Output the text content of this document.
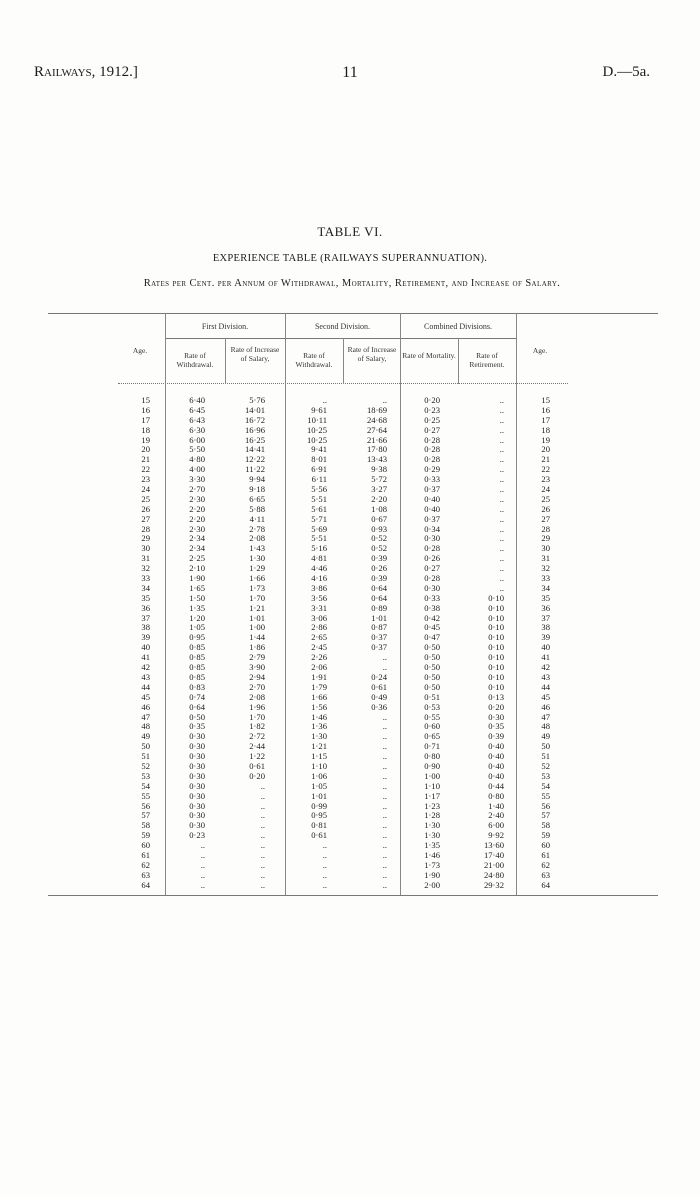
Railways, 1912.]	11	D.—5a.
TABLE VI.
EXPERIENCE TABLE (RAILWAYS SUPERANNUATION).
Rates per Cent. per Annum of Withdrawal, Mortality, Retirement, and Increase of Salary.
First Division.	Second Division.	Combined Divisions.
Age.
Rate of Withdrawal.
Rate of Increase of Salary,	Rate of Withdrawal.
Rate of Increase of Salary,	Rate of Mortality.	Rate of Retirement.
Age.
15	6·40	5·76	..	..	0·20	..	15
16	6·45	14·01	9·61	18·69	0·23	..	16
17	6·43	16·72	10·11	24·68	0·25	..	17
18	6·30	16·96	10·25	27·64	0·27	..	18
19	6·00	16·25	10·25	21·66	0·28	..	19
20	5·50	14·41	9·41	17·80	0·28	..	20
21	4·80	12·22	8·01	13·43	0·28	..	21
22	4·00	11·22	6·91	9·38	0·29	..	22
23	3·30	9·94	6·11	5·72	0·33	..	23
24	2·70	9·18	5·56	3·27	0·37	..	24
25	2·30	6·65	5·51	2·20	0·40	..	25
26	2·20	5·88	5·61	1·08	0·40	..	26
27	2·20	4·11	5·71	0·67	0·37	..	27
28	2·30	2·78	5·69	0·93	0·34	..	28
29	2·34	2·08	5·51	0·52	0·30	..	29
30	2·34	1·43	5·16	0·52	0·28	..	30
31	2·25	1·30	4·81	0·39	0·26	..	31
32	2·10	1·29	4·46	0·26	0·27	..	32
33	1·90	1·66	4·16	0·39	0·28	..	33
34	1·65	1·73	3·86	0·64	0·30	..	34
35	1·50	1·70	3·56	0·64	0·33	0·10	35
36	1·35	1·21	3·31	0·89	0·38	0·10	36
37	1·20	1·01	3·06	1·01	0·42	0·10	37
38	1·05	1·00	2·86	0·87	0·45	0·10	38
39	0·95	1·44	2·65	0·37	0·47	0·10	39
40	0·85	1·86	2·45	0·37	0·50	0·10	40
41	0·85	2·79	2·26	..	0·50	0·10	41
42	0·85	3·90	2·06	..	0·50	0·10	42
43	0·85	2·94	1·91	0·24	0·50	0·10	43
44	0·83	2·70	1·79	0·61	0·50	0·10	44
45	0·74	2·08	1·66	0·49	0·51	0·13	45
46	0·64	1·96	1·56	0·36	0·53	0·20	46
47	0·50	1·70	1·46	..	0·55	0·30	47
48	0·35	1·82	1·36	..	0·60	0·35	48
49	0·30	2·72	1·30	..	0·65	0·39	49
50	0·30	2·44	1·21	..	0·71	0·40	50
51	0·30	1·22	1·15	..	0·80	0·40	51
52	0·30	0·61	1·10	..	0·90	0·40	52
53	0·30	0·20	1·06	..	1·00	0·40	53
54	0·30	..	1·05	..	1·10	0·44	54
55	0·30	..	1·01	..	1·17	0·80	55
56	0·30	..	0·99	..	1·23	1·40	56
57	0·30	..	0·95	..	1·28	2·40	57
58	0·30	..	0·81	..	1·30	6·00	58
59	0·23	..	0·61	..	1·30	9·92	59
60	..	..	..	..	1·35	13·60	60
61	..	..	..	..	1·46	17·40	61
62	..	..	..	..	1·73	21·00	62
63	..	..	..	..	1·90	24·80	63
64	..	..	..	..	2·00	29·32	64
